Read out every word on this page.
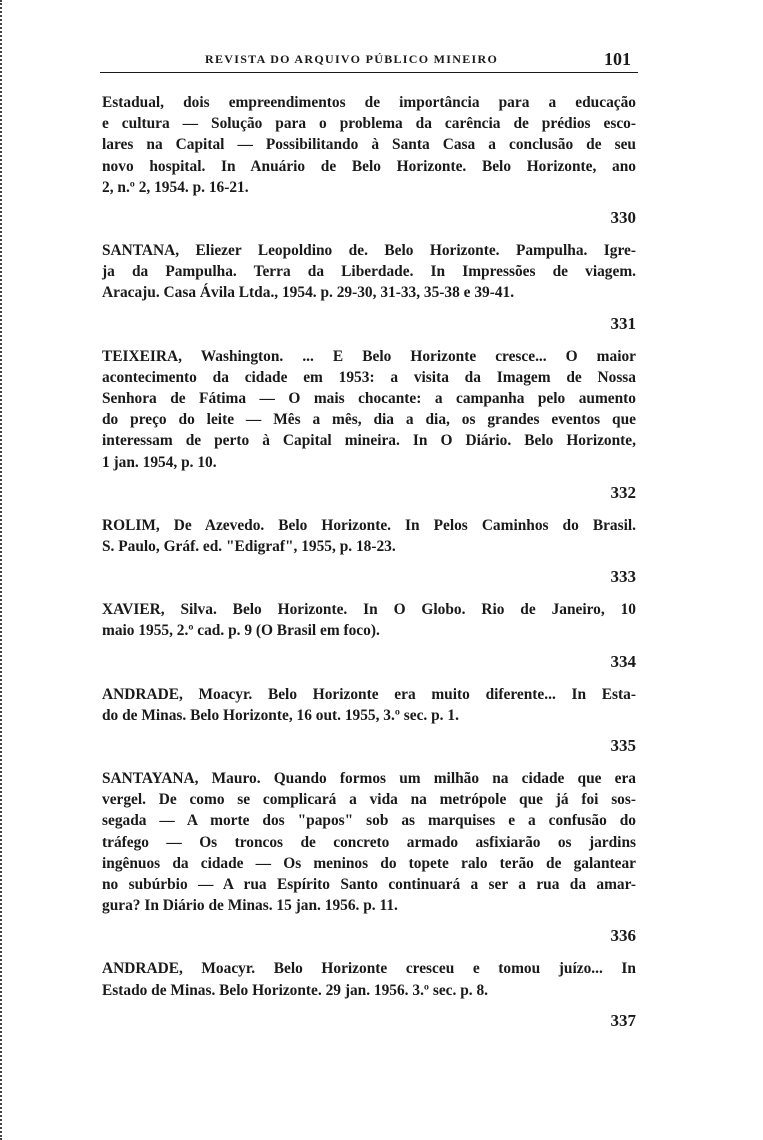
REVISTA DO ARQUIVO PÚBLICO MINEIRO	101
Estadual, dois empreendimentos de importância para a educação
e cultura — Solução para o problema da carência de prédios esco-
lares na Capital — Possibilitando à Santa Casa a conclusão de seu
novo hospital. In Anuário de Belo Horizonte. Belo Horizonte, ano
2, n.º 2, 1954. p. 16-21.
330
SANTANA, Eliezer Leopoldino de. Belo Horizonte. Pampulha. Igre-
ja da Pampulha. Terra da Liberdade. In Impressões de viagem.
Aracaju. Casa Ávila Ltda., 1954. p. 29-30, 31-33, 35-38 e 39-41.
331
TEIXEIRA, Washington. ... E Belo Horizonte cresce... O maior
acontecimento da cidade em 1953: a visita da Imagem de Nossa
Senhora de Fátima — O mais chocante: a campanha pelo aumento
do preço do leite — Mês a mês, dia a dia, os grandes eventos que
interessam de perto à Capital mineira. In O Diário. Belo Horizonte,
1 jan. 1954, p. 10.
332
ROLIM, De Azevedo. Belo Horizonte. In Pelos Caminhos do Brasil.
S. Paulo, Gráf. ed. "Edigraf", 1955, p. 18-23.
333
XAVIER, Silva. Belo Horizonte. In O Globo. Rio de Janeiro, 10
maio 1955, 2.º cad. p. 9 (O Brasil em foco).
334
ANDRADE, Moacyr. Belo Horizonte era muito diferente... In Esta-
do de Minas. Belo Horizonte, 16 out. 1955, 3.º sec. p. 1.
335
SANTAYANA, Mauro. Quando formos um milhão na cidade que era
vergel. De como se complicará a vida na metrópole que já foi sos-
segada — A morte dos "papos" sob as marquises e a confusão do
tráfego — Os troncos de concreto armado asfixiarão os jardins
ingênuos da cidade — Os meninos do topete ralo terão de galantear
no subúrbio — A rua Espírito Santo continuará a ser a rua da amar-
gura? In Diário de Minas. 15 jan. 1956. p. 11.
336
ANDRADE, Moacyr. Belo Horizonte cresceu e tomou juízo... In
Estado de Minas. Belo Horizonte. 29 jan. 1956. 3.º sec. p. 8.
337
